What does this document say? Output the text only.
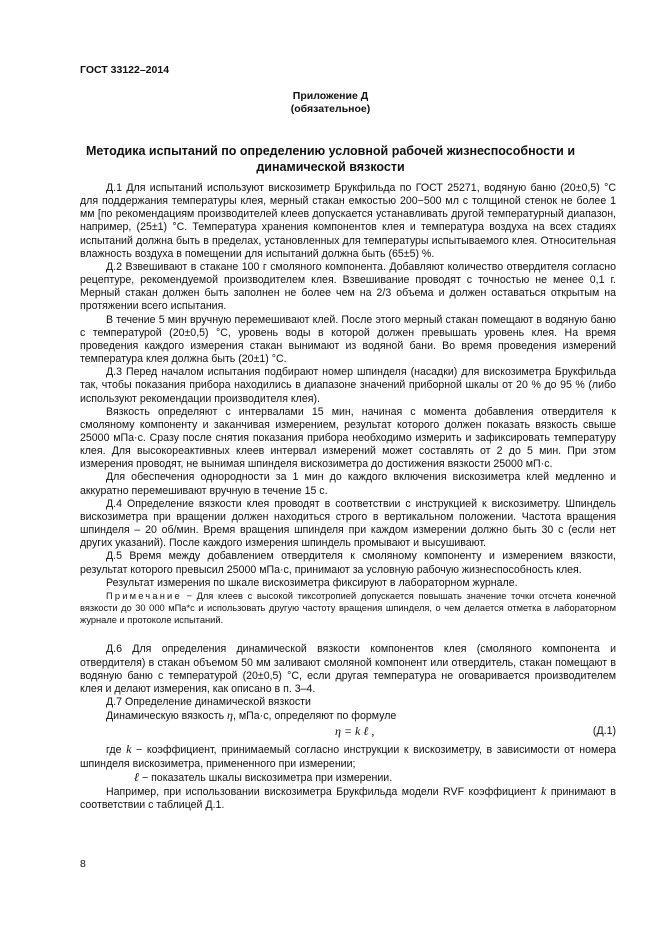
ГОСТ 33122–2014
Приложение Д
(обязательное)
Методика испытаний по определению условной рабочей жизнеспособности и
динамической вязкости

Д.1 Для испытаний используют вискозиметр Брукфильда по ГОСТ 25271, водяную баню (20±0,5) °С для поддержания температуры клея, мерный стакан емкостью 200−500 мл с толщиной стенок не более 1 мм [по рекомендациям производителей клеев допускается устанавливать другой температурный диапазон, например, (25±1) °С. Температура хранения компонентов клея и температура воздуха на всех стадиях испытаний должна быть в пределах, установленных для температуры испытываемого клея. Относительная влажность воздуха в помещении для испытаний должна быть (65±5) %.

Д.2 Взвешивают в стакане 100 г смоляного компонента. Добавляют количество отвердителя согласно рецептуре, рекомендуемой производителем клея. Взвешивание проводят с точностью не менее 0,1 г. Мерный стакан должен быть заполнен не более чем на 2/3 объема и должен оставаться открытым на протяжении всего испытания.

В течение 5 мин вручную перемешивают клей. После этого мерный стакан помещают в водяную баню с температурой (20±0,5) °С, уровень воды в которой должен превышать уровень клея. На время проведения каждого измерения стакан вынимают из водяной бани. Во время проведения измерений температура клея должна быть (20±1) °С.

Д.3 Перед началом испытания подбирают номер шпинделя (насадки) для вискозиметра Брукфильда так, чтобы показания прибора находились в диапазоне значений приборной шкалы от 20 % до 95 % (либо используют рекомендации производителя клея).

Вязкость определяют с интервалами 15 мин, начиная с момента добавления отвердителя к смоляному компоненту и заканчивая измерением, результат которого должен показать вязкость свыше 25000 мПа·с. Сразу после снятия показания прибора необходимо измерить и зафиксировать температуру клея. Для высокореактивных клеев интервал измерений может составлять от 2 до 5 мин. При этом измерения проводят, не вынимая шпинделя вискозиметра до достижения вязкости 25000 мП·с.

Для обеспечения однородности за 1 мин до каждого включения вискозиметра клей медленно и аккуратно перемешивают вручную в течение 15 с.

Д.4 Определение вязкости клея проводят в соответствии с инструкцией к вискозиметру. Шпиндель вискозиметра при вращении должен находиться строго в вертикальном положении. Частота вращения шпинделя – 20 об/мин. Время вращения шпинделя при каждом измерении должно быть 30 с (если нет других указаний). После каждого измерения шпиндель промывают и высушивают.

Д.5 Время между добавлением отвердителя к смоляному компоненту и измерением вязкости, результат которого превысил 25000 мПа·с, принимают за условную рабочую жизнеспособность клея.

Результат измерения по шкале вискозиметра фиксируют в лабораторном журнале.

Примечание − Для клеев с высокой тиксотропией допускается повышать значение точки отсчета конечной вязкости до 30 000 мПа*с и использовать другую частоту вращения шпинделя, о чем делается отметка в лабораторном журнале и протоколе испытаний.

Д.6 Для определения динамической вязкости компонентов клея (смоляного компонента и отвердителя) в стакан объемом 50 мм заливают смоляной компонент или отвердитель, стакан помещают в водяную баню с температурой (20±0,5) °С, если другая температура не оговаривается производителем клея и делают измерения, как описано в п. 3–4.

Д.7 Определение динамической вязкости

Динамическую вязкость η, мПа·с, определяют по формуле

η = k ℓ ,	(Д.1)

где k − коэффициент, принимаемый согласно инструкции к вискозиметру, в зависимости от номера шпинделя вискозиметра, примененного при измерении;

ℓ − показатель шкалы вискозиметра при измерении.

Например, при использовании вискозиметра Брукфильда модели RVF коэффициент k принимают в соответствии с таблицей Д.1.

8
